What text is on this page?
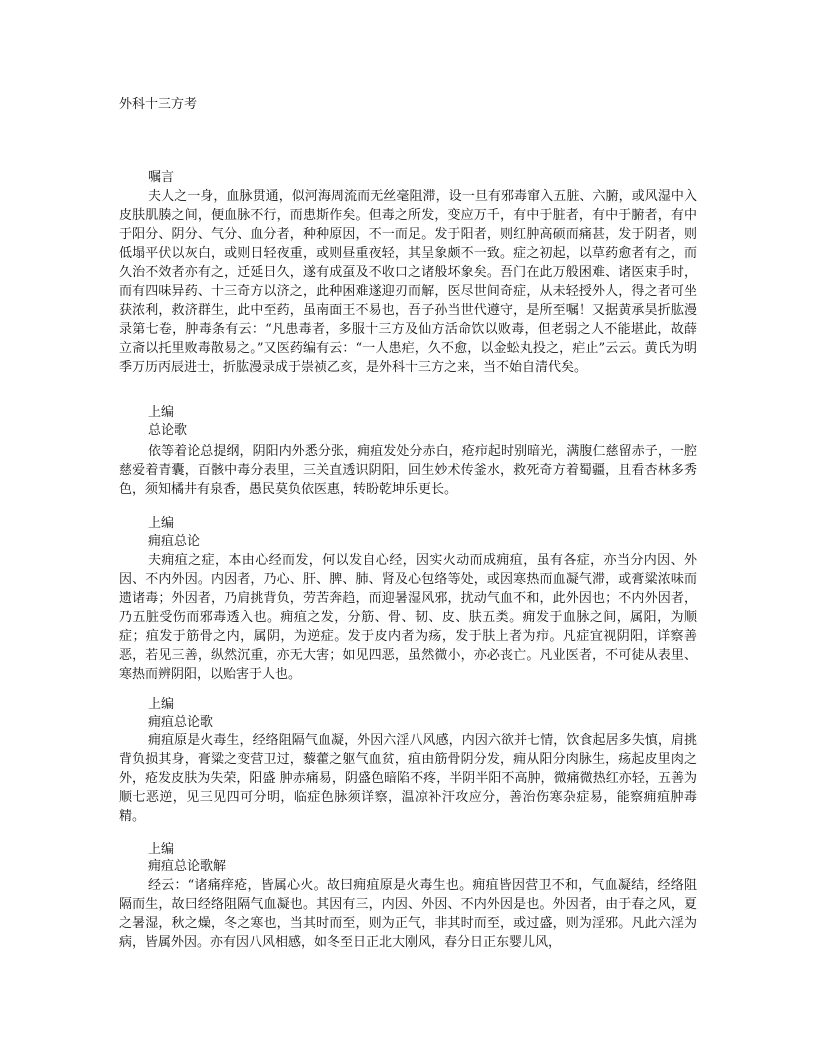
外科十三方考
嘱言

夫人之一身，血脉贯通，似河海周流而无丝毫阻滞，设一旦有邪毒窜入五脏、六腑，或风湿中入皮肤肌腠之间，便血脉不行，而患斯作矣。但毒之所发，变应万千，有中于脏者，有中于腑者，有中于阳分、阴分、气分、血分者，种种原因，不一而足。发于阳者，则红肿高硕而痛甚，发于阴者，则低塌平伏以灰白，或则日轻夜重，或则昼重夜轻，其呈象颇不一致。症之初起，以草药愈者有之，而久治不效者亦有之，迁延日久，遂有成虿及不收口之诸般坏象矣。吾门在此万般困难、诸医束手时，而有四味异药、十三奇方以济之，此种困难遂迎刃而解，医尽世间奇症，从未轻授外人，得之者可坐获浓利，救济群生，此中至药，虽南面王不易也，吾子孙当世代遵守，是所至嘱！又据黄承昊折肱漫录第七卷，肿毒条有云：“凡患毒者，多服十三方及仙方活命饮以败毒，但老弱之人不能堪此，故薛立斋以托里败毒散易之。”又医药编有云：“一人患疟，久不愈，以金蚣丸投之，疟止”云云。黄氏为明季万历丙辰进士，折肱漫录成于崇祯乙亥，是外科十三方之来，当不始自清代矣。

上编
总论歌

依等着论总提纲，阴阳内外悉分张，痈疽发处分赤白，疮疖起时别暗光，满腹仁慈留赤子，一腔慈爱着青囊，百骸中毒分表里，三关直透识阴阳，回生妙术传釜水，救死奇方着蜀疆，且看杏林多秀色，须知橘井有泉香，愚民莫负依医惠，转盼乾坤乐更长。

上编
痈疽总论

夫痈疽之症，本由心经而发，何以发自心经，因实火动而成痈疽，虽有各症，亦当分内因、外因、不内外因。内因者，乃心、肝、脾、肺、肾及心包络等处，或因寒热而血凝气滞，或膏粱浓味而遗诸毒；外因者，乃肩挑背负，劳苦奔趋，而迎暑湿风邪，扰动气血不和，此外因也；不内外因者，乃五脏受伤而邪毒透入也。痈疽之发，分筋、骨、韧、皮、肤五类。痈发于血脉之间，属阳，为顺症；疽发于筋骨之内，属阴，为逆症。发于皮内者为疡，发于肤上者为疖。凡症宜视阴阳，详察善恶，若见三善，纵然沉重，亦无大害；如见四恶，虽然微小，亦必丧亡。凡业医者，不可徒从表里、寒热而辨阴阳，以贻害于人也。

上编
痈疽总论歌

痈疽原是火毒生，经络阻隔气血凝，外因六淫八风感，内因六欲并七情，饮食起居多失慎，肩挑背负损其身，膏粱之变营卫过，藜藿之躯气血贫，疽由筋骨阴分发，痈从阳分肉脉生，疡起皮里肉之外，疮发皮肤为失荣，阳盛 肿赤痛易，阴盛色暗陷不疼，半阴半阳不高肿，微痛微热红亦轻，五善为顺七恶逆，见三见四可分明，临症色脉须详察，温凉补汗攻应分，善治伤寒杂症易，能察痈疽肿毒精。

上编
痈疽总论歌解

经云：“诸痛痒疮，皆属心火。故曰痈疽原是火毒生也。痈疽皆因营卫不和，气血凝结，经络阻隔而生，故曰经络阻隔气血凝也。其因有三，内因、外因、不内外因是也。外因者，由于春之风，夏之暑湿，秋之燥，冬之寒也，当其时而至，则为正气，非其时而至，或过盛，则为淫邪。凡此六淫为病，皆属外因。亦有因八风相感，如冬至日正北大刚风，春分日正东婴儿风，
